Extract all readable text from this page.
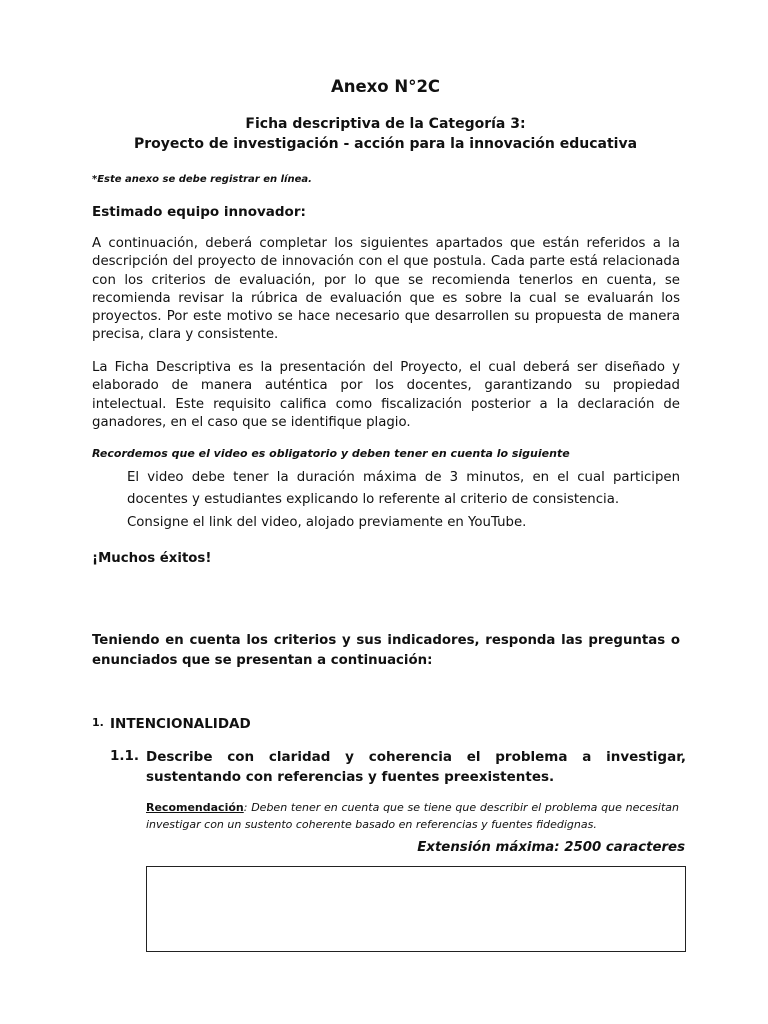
Anexo N°2C
Ficha descriptiva de la Categoría 3:
Proyecto de investigación - acción para la innovación educativa
*Este anexo se debe registrar en línea.
Estimado equipo innovador:
A continuación, deberá completar los siguientes apartados que están referidos a la descripción del proyecto de innovación con el que postula. Cada parte está relacionada con los criterios de evaluación, por lo que se recomienda tenerlos en cuenta, se recomienda revisar la rúbrica de evaluación que es sobre la cual se evaluarán los proyectos. Por este motivo se hace necesario que desarrollen su propuesta de manera precisa, clara y consistente.
La Ficha Descriptiva es la presentación del Proyecto, el cual deberá ser diseñado y elaborado de manera auténtica por los docentes, garantizando su propiedad intelectual. Este requisito califica como fiscalización posterior a la declaración de ganadores, en el caso que se identifique plagio.
Recordemos que el video es obligatorio y deben tener en cuenta lo siguiente
El video debe tener la duración máxima de 3 minutos, en el cual participen docentes y estudiantes explicando lo referente al criterio de consistencia.
Consigne el link del video, alojado previamente en YouTube.
¡Muchos éxitos!
Teniendo en cuenta los criterios y sus indicadores, responda las preguntas o enunciados que se presentan a continuación:
1. INTENCIONALIDAD
1.1. Describe con claridad y coherencia el problema a investigar, sustentando con referencias y fuentes preexistentes.
Recomendación: Deben tener en cuenta que se tiene que describir el problema que necesitan investigar con un sustento coherente basado en referencias y fuentes fidedignas.
Extensión máxima: 2500 caracteres
